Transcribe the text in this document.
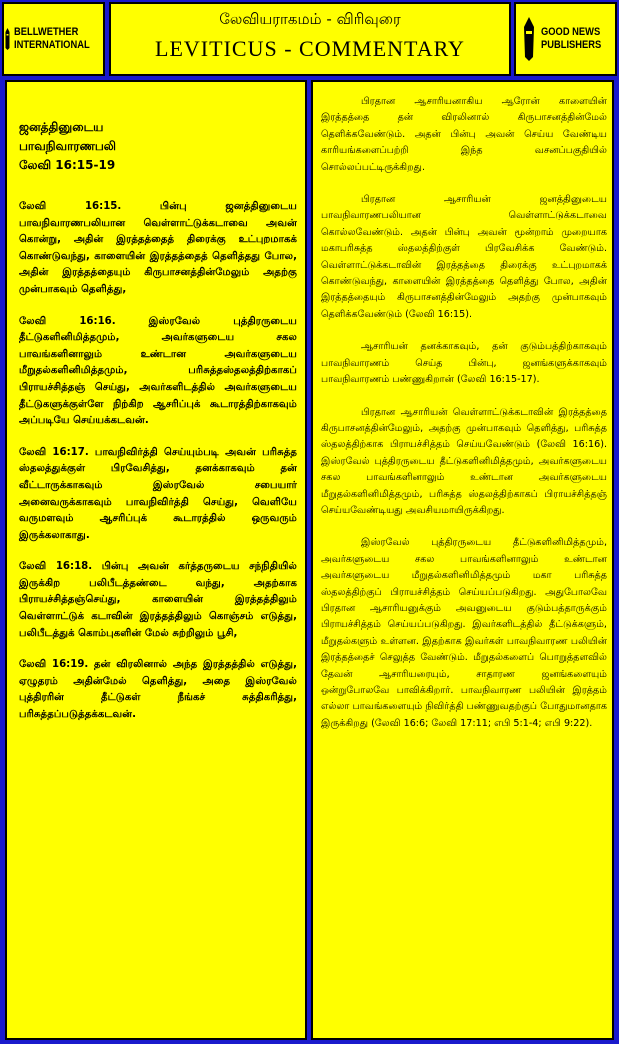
BELLWETHER
INTERNATIONAL
லேவியராகமம் - விரிவுரை
LEVITICUS - COMMENTARY
GOOD NEWS
PUBLISHERS
ஜனத்தினுடைய
பாவநிவாரணபலி
லேவி 16:15-19

லேவி 16:15. பின்பு ஜனத்தினுடைய பாவநிவாரணபலியான வெள்ளாட்டுக்கடாவை அவன் கொன்று, அதின் இரத்தத்தைத் திரைக்கு உட்புறமாகக் கொண்டுவந்து, காளையின் இரத்தத்தைத் தெளித்தது போல, அதின் இரத்தத்தையும் கிருபாசனத்தின்மேலும் அதற்கு முன்பாகவும் தெளித்து,

லேவி 16:16. இஸ்ரவேல் புத்திரருடைய தீட்டுகளினிமித்தமும், அவர்களுடைய சகல பாவங்களினாலும் உண்டான அவர்களுடைய மீறுதல்களினிமித்தமும், பரிசுத்தஸ்தலத்திற்காகப் பிராயச்சித்தஞ் செய்து, அவர்களிடத்தில் அவர்களுடைய தீட்டுகளுக்குள்ளே நிற்கிற ஆசரிப்புக் கூடாரத்திற்காகவும் அப்படியே செய்யக்கடவன்.

லேவி 16:17. பாவநிவிர்த்தி செய்யும்படி அவன் பரிசுத்த ஸ்தலத்துக்குள் பிரவேசித்து, தனக்காகவும் தன் வீட்டாருக்காகவும் இஸ்ரவேல் சபையார் அனைவருக்காகவும் பாவநிவிர்த்தி செய்து, வெளியே வருமளவும் ஆசரிப்புக் கூடாரத்தில் ஒருவரும் இருக்கலாகாது.

லேவி 16:18. பின்பு அவன் கர்த்தருடைய சந்நிதியில் இருக்கிற பலிபீடத்தண்டை வந்து, அதற்காக பிராயச்சித்தஞ்செய்து, காளையின் இரத்தத்திலும் வெள்ளாட்டுக் கடாவின் இரத்தத்திலும் கொஞ்சம் எடுத்து, பலிபீடத்துக் கொம்புகளின் மேல் சுற்றிலும் பூசி,

லேவி 16:19. தன் விரலினால் அந்த இரத்தத்தில் எடுத்து, ஏழுதரம் அதின்மேல் தெளித்து, அதை இஸ்ரவேல் புத்திரரின் தீட்டுகள் நீங்கச் சுத்திகரித்து, பரிசுத்தப்படுத்தக்கடவன்.

பிரதான ஆசாரியனாகிய ஆரோன் காளையின் இரத்தத்தை தன் விரலினால் கிருபாசனத்தின்மேல் தெளிக்கவேண்டும். அதன் பின்பு அவன் செய்ய வேண்டிய காரியங்களைப்பற்றி இந்த வசனப்பகுதியில் சொல்லப்பட்டிருக்கிறது.

பிரதான ஆசாரியன் ஜனத்தினுடைய பாவநிவாரணபலியான வெள்ளாட்டுக்கடாவை கொல்லவேண்டும். அதன் பின்பு அவன் மூன்றாம் முறையாக மகாபரிசுத்த ஸ்தலத்திற்குள் பிரவேசிக்க வேண்டும். வெள்ளாட்டுக்கடாவின் இரத்தத்தை திரைக்கு உட்புறமாகக் கொண்டுவந்து, காளையின் இரத்தத்தை தெளித்து போல, அதின் இரத்தத்தையும் கிருபாசனத்தின்மேலும் அதற்கு முன்பாகவும் தெளிக்கவேண்டும் (லேவி 16:15).

ஆசாரியன் தனக்காகவும், தன் குடும்பத்திற்காகவும் பாவநிவாரணம் செய்த பின்பு, ஜனங்களுக்காகவும் பாவநிவாரணம் பண்ணுகிறான் (லேவி 16:15-17).

பிரதான ஆசாரியன் வெள்ளாட்டுக்கடாவின் இரத்தத்தை கிருபாசனத்தின்மேலும், அதற்கு முன்பாகவும் தெளித்து, பரிசுத்த ஸ்தலத்திற்காக பிராயச்சித்தம் செய்யவேண்டும் (லேவி 16:16). இஸ்ரவேல் புத்திரருடைய தீட்டுகளினிமித்தமும், அவர்களுடைய சகல பாவங்களினாலும் உண்டான அவர்களுடைய மீறுதல்களினிமித்தமும், பரிசுத்த ஸ்தலத்திற்காகப் பிராயச்சித்தஞ் செய்யவேண்டியது அவசியமாயிருக்கிறது.

இஸ்ரவேல் புத்திரருடைய தீட்டுகளினிமித்தமும், அவர்களுடைய சகல பாவங்களினாலும் உண்டான அவர்களுடைய மீறுதல்களினிமித்தமும் மகா பரிசுத்த ஸ்தலத்திற்குப் பிராயச்சித்தம் செய்யப்படுகிறது. அதுபோலவே பிரதான ஆசாரியனுக்கும் அவனுடைய குடும்பத்தாருக்கும் பிராயச்சித்தம் செய்யப்படுகிறது. இவர்களிடத்தில் தீட்டுக்களும், மீறுதல்களும் உள்ளன. இதற்காக இவர்கள் பாவநிவாரண பலியின் இரத்தத்தைச் செலுத்த வேண்டும். மீறுதல்களைப் பொறுத்தளவில் தேவன் ஆசாரியரையும், சாதாரண ஜனங்களையும் ஒன்றுபோலவே பாவிக்கிறார். பாவநிவாரண பலியின் இரத்தம் எல்லா பாவங்களையும் நிவிர்த்தி பண்ணுவதற்குப் போதுமானதாக இருக்கிறது (லேவி 16:6; லேவி 17:11; எபி 5:1-4; எபி 9:22).
